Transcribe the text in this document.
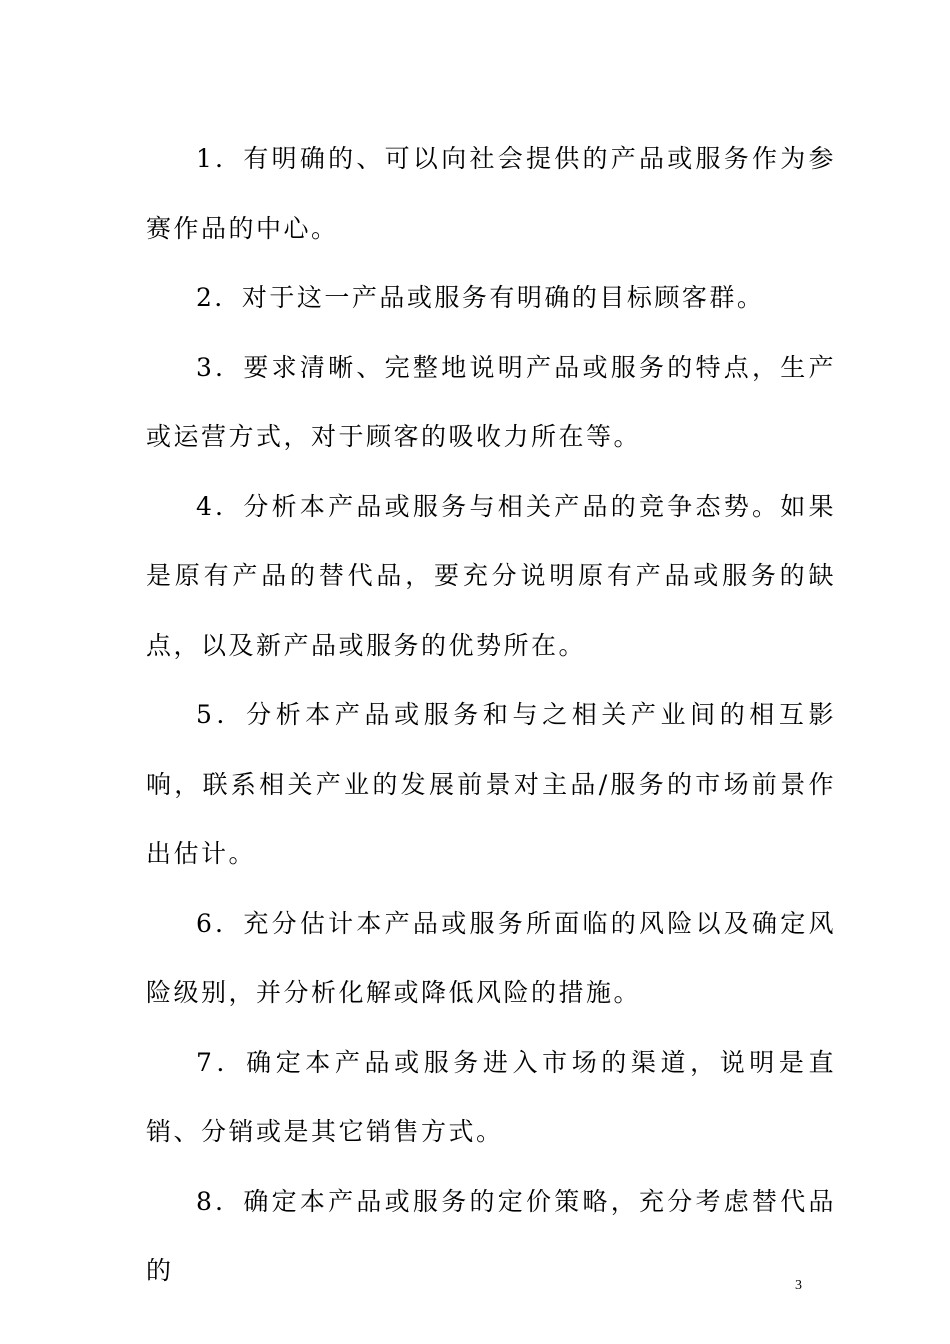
1．有明确的、可以向社会提供的产品或服务作为参赛作品的中心。

2．对于这一产品或服务有明确的目标顾客群。

3．要求清晰、完整地说明产品或服务的特点，生产或运营方式，对于顾客的吸收力所在等。

4．分析本产品或服务与相关产品的竞争态势。如果是原有产品的替代品，要充分说明原有产品或服务的缺点，以及新产品或服务的优势所在。

5．分析本产品或服务和与之相关产业间的相互影响，联系相关产业的发展前景对主品/服务的市场前景作出估计。

6．充分估计本产品或服务所面临的风险以及确定风险级别，并分析化解或降低风险的措施。

7．确定本产品或服务进入市场的渠道，说明是直销、分销或是其它销售方式。

8．确定本产品或服务的定价策略，充分考虑替代品的

3
